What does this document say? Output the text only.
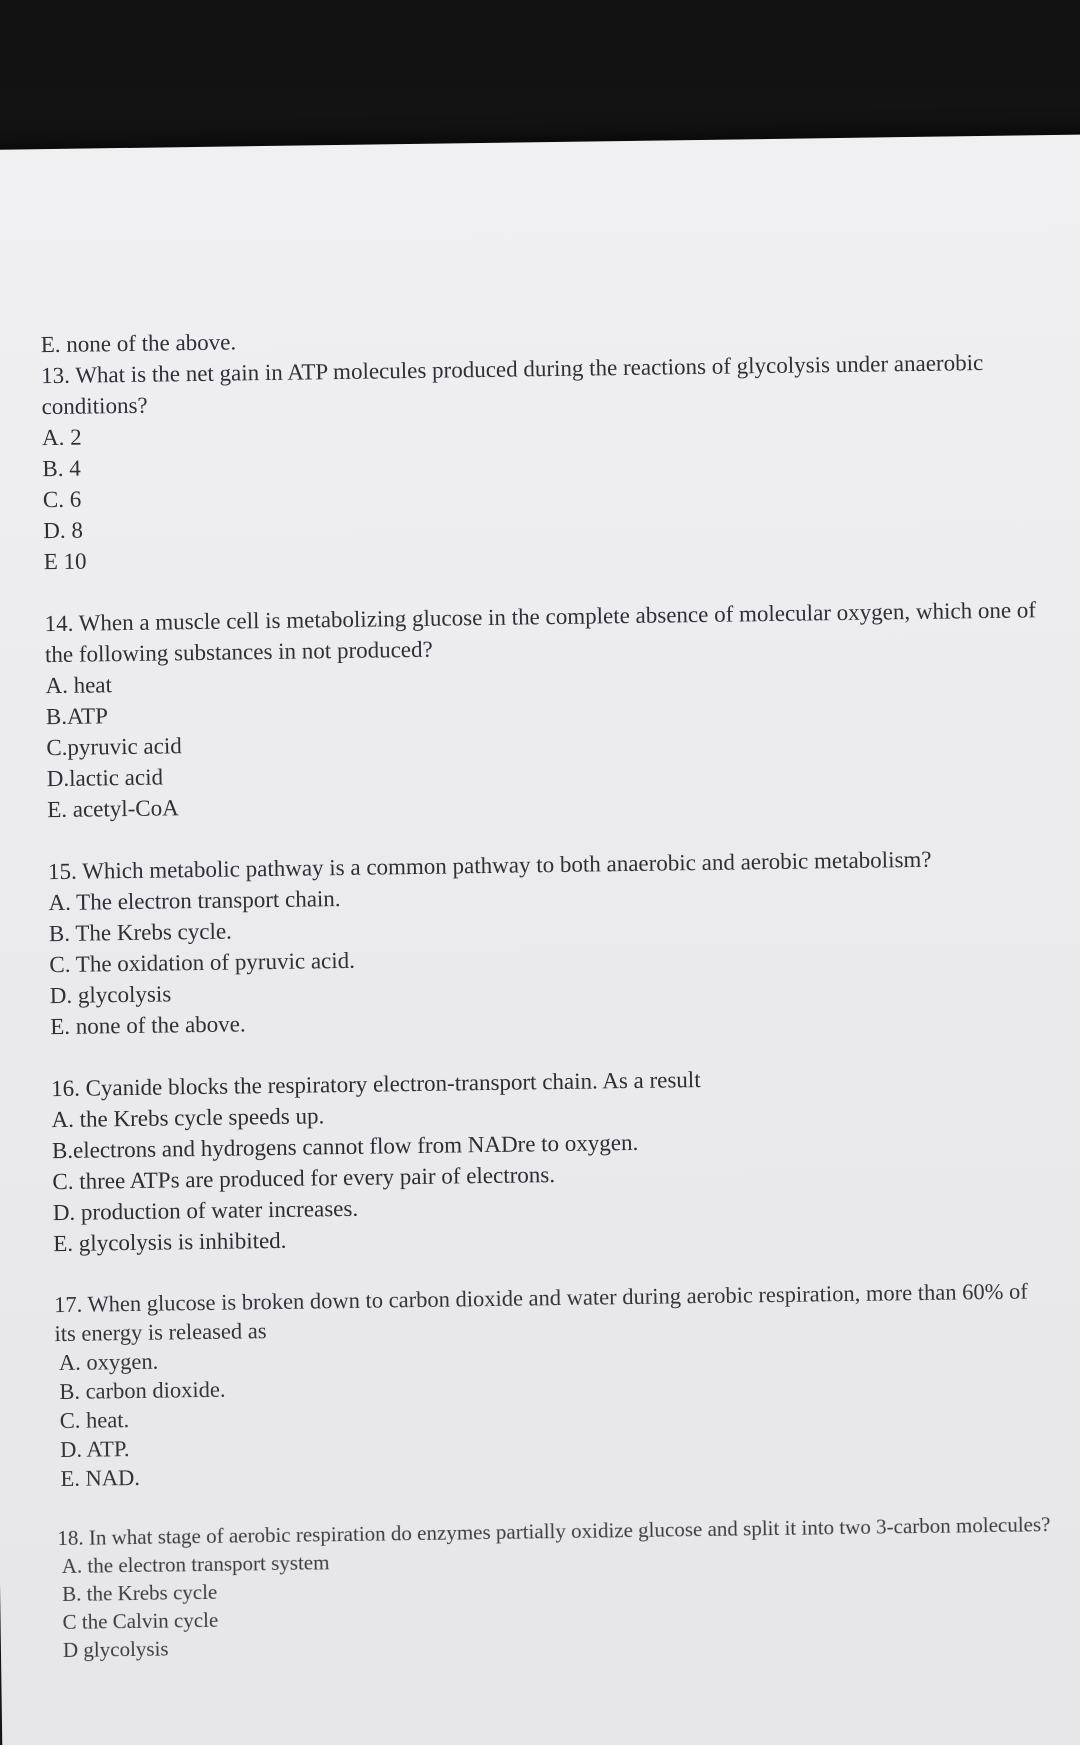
E. none of the above.
13. What is the net gain in ATP molecules produced during the reactions of glycolysis under anaerobic conditions?
A. 2
B. 4
C. 6
D. 8
E 10
14. When a muscle cell is metabolizing glucose in the complete absence of molecular oxygen, which one of the following substances in not produced?
A. heat
B.ATP
C.pyruvic acid
D.lactic acid
E. acetyl-CoA
15. Which metabolic pathway is a common pathway to both anaerobic and aerobic metabolism?
A. The electron transport chain.
B. The Krebs cycle.
C. The oxidation of pyruvic acid.
D. glycolysis
E. none of the above.
16. Cyanide blocks the respiratory electron-transport chain. As a result
A. the Krebs cycle speeds up.
B.electrons and hydrogens cannot flow from NADre to oxygen.
C. three ATPs are produced for every pair of electrons.
D. production of water increases.
E. glycolysis is inhibited.
17. When glucose is broken down to carbon dioxide and water during aerobic respiration, more than 60% of its energy is released as
A. oxygen.
B. carbon dioxide.
C. heat.
D. ATP.
E. NAD.
18. In what stage of aerobic respiration do enzymes partially oxidize glucose and split it into two 3-carbon molecules?
A. the electron transport system
B. the Krebs cycle
C the Calvin cycle
D glycolysis
